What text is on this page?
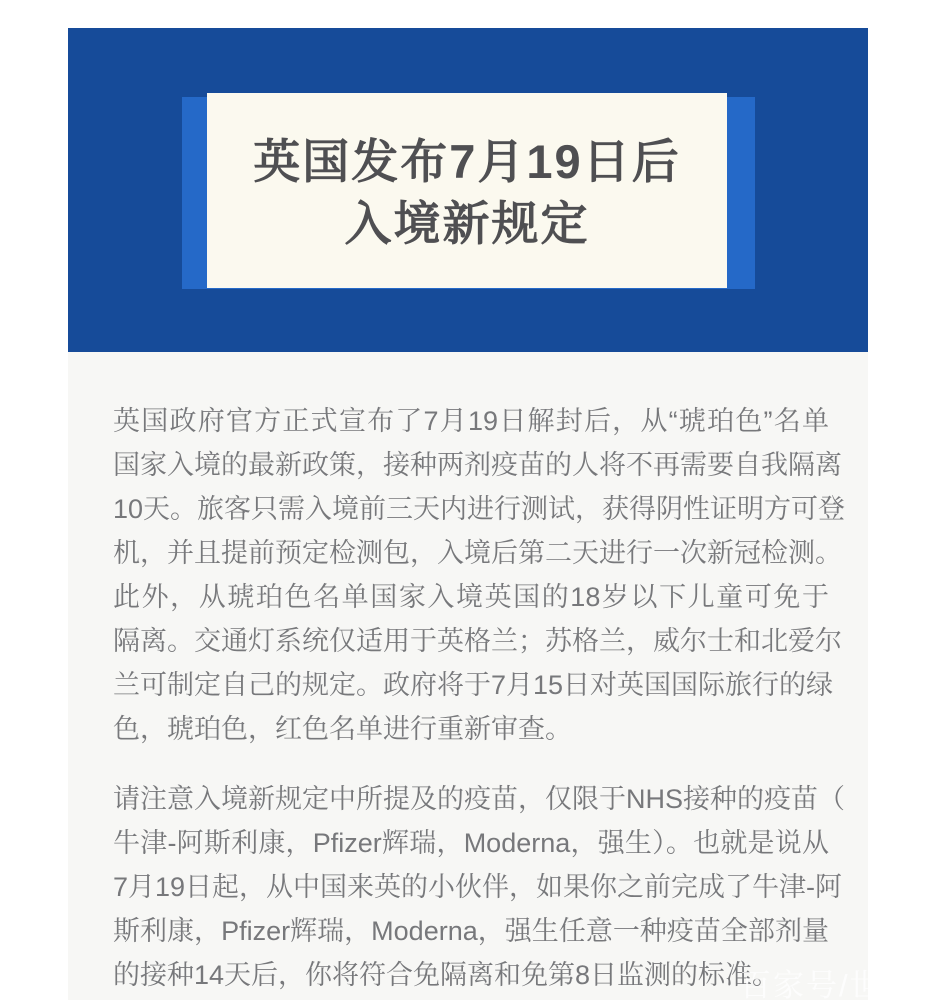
英国发布7月19日后
入境新规定
英国政府官方正式宣布了7月19日解封后，从“琥珀色”名单
国家入境的最新政策，接种两剂疫苗的人将不再需要自我隔离
10天。旅客只需入境前三天内进行测试，获得阴性证明方可登
机，并且提前预定检测包，入境后第二天进行一次新冠检测。
此外，从琥珀色名单国家入境英国的18岁以下儿童可免于
隔离。交通灯系统仅适用于英格兰；苏格兰，威尔士和北爱尔
兰可制定自己的规定。政府将于7月15日对英国国际旅行的绿
色，琥珀色，红色名单进行重新审查。
请注意入境新规定中所提及的疫苗，仅限于NHS接种的疫苗（
牛津-阿斯利康，Pfizer辉瑞，Moderna，强生）。也就是说从
7月19日起，从中国来英的小伙伴，如果你之前完成了牛津-阿
斯利康，Pfizer辉瑞，Moderna，强生任意一种疫苗全部剂量
的接种14天后，你将符合免隔离和免第8日监测的标准。
百家号/世界
